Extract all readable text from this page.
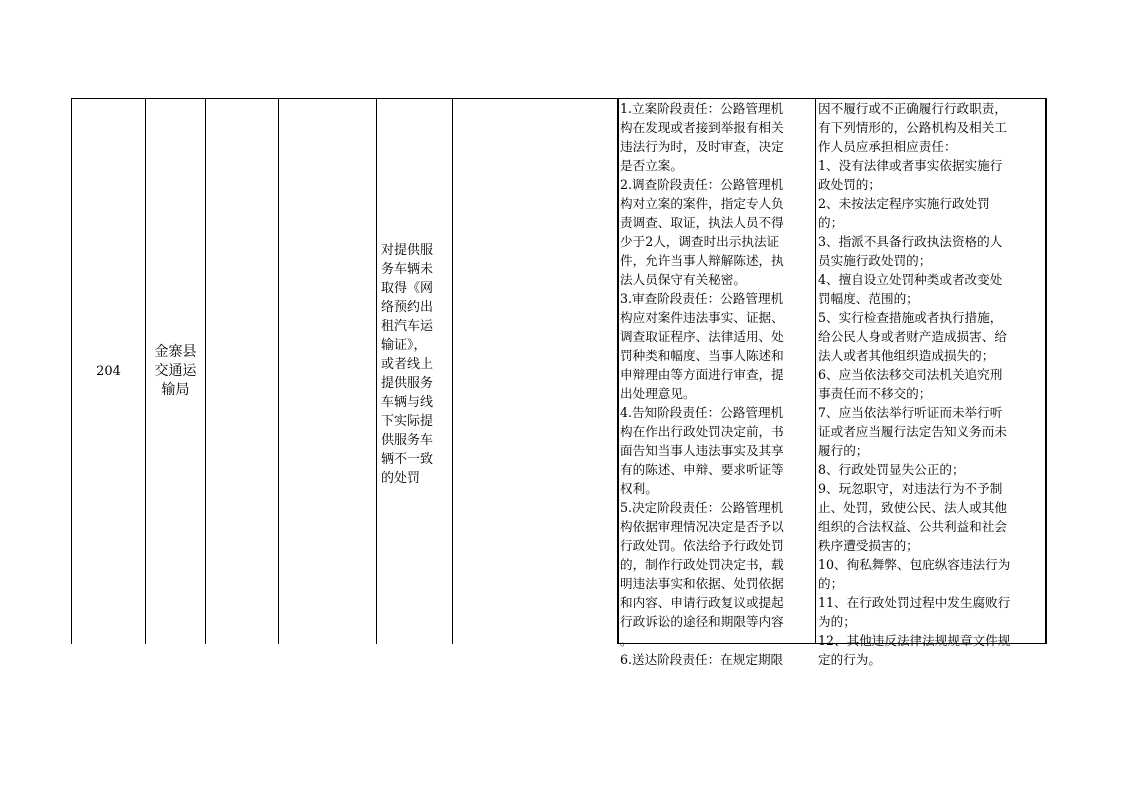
204
金寨县
交通运
输局
对提供服
务车辆未
取得《网
络预约出
租汽车运
输证》，
或者线上
提供服务
车辆与线
下实际提
供服务车
辆不一致
的处罚
1.立案阶段责任：公路管理机
构在发现或者接到举报有相关
违法行为时，及时审查，决定
是否立案。
2.调查阶段责任：公路管理机
构对立案的案件，指定专人负
责调查、取证，执法人员不得
少于2人，调查时出示执法证
件，允许当事人辩解陈述，执
法人员保守有关秘密。
3.审查阶段责任：公路管理机
构应对案件违法事实、证据、
调查取证程序、法律适用、处
罚种类和幅度、当事人陈述和
申辩理由等方面进行审查，提
出处理意见。
4.告知阶段责任：公路管理机
构在作出行政处罚决定前，书
面告知当事人违法事实及其享
有的陈述、申辩、要求听证等
权利。
5.决定阶段责任：公路管理机
构依据审理情况决定是否予以
行政处罚。依法给予行政处罚
的，制作行政处罚决定书，载
明违法事实和依据、处罚依据
和内容、申请行政复议或提起
行政诉讼的途径和期限等内容
。
6.送达阶段责任：在规定期限
因不履行或不正确履行行政职责，
有下列情形的，公路机构及相关工
作人员应承担相应责任：
1、没有法律或者事实依据实施行
政处罚的；
2、未按法定程序实施行政处罚
的；
3、指派不具备行政执法资格的人
员实施行政处罚的；
4、擅自设立处罚种类或者改变处
罚幅度、范围的；
5、实行检查措施或者执行措施，
给公民人身或者财产造成损害、给
法人或者其他组织造成损失的；
6、应当依法移交司法机关追究刑
事责任而不移交的；
7、应当依法举行听证而未举行听
证或者应当履行法定告知义务而未
履行的；
8、行政处罚显失公正的；
9、玩忽职守，对违法行为不予制
止、处罚，致使公民、法人或其他
组织的合法权益、公共利益和社会
秩序遭受损害的；
10、徇私舞弊、包庇纵容违法行为
的；
11、在行政处罚过程中发生腐败行
为的；
12、其他违反法律法规规章文件规
定的行为。
